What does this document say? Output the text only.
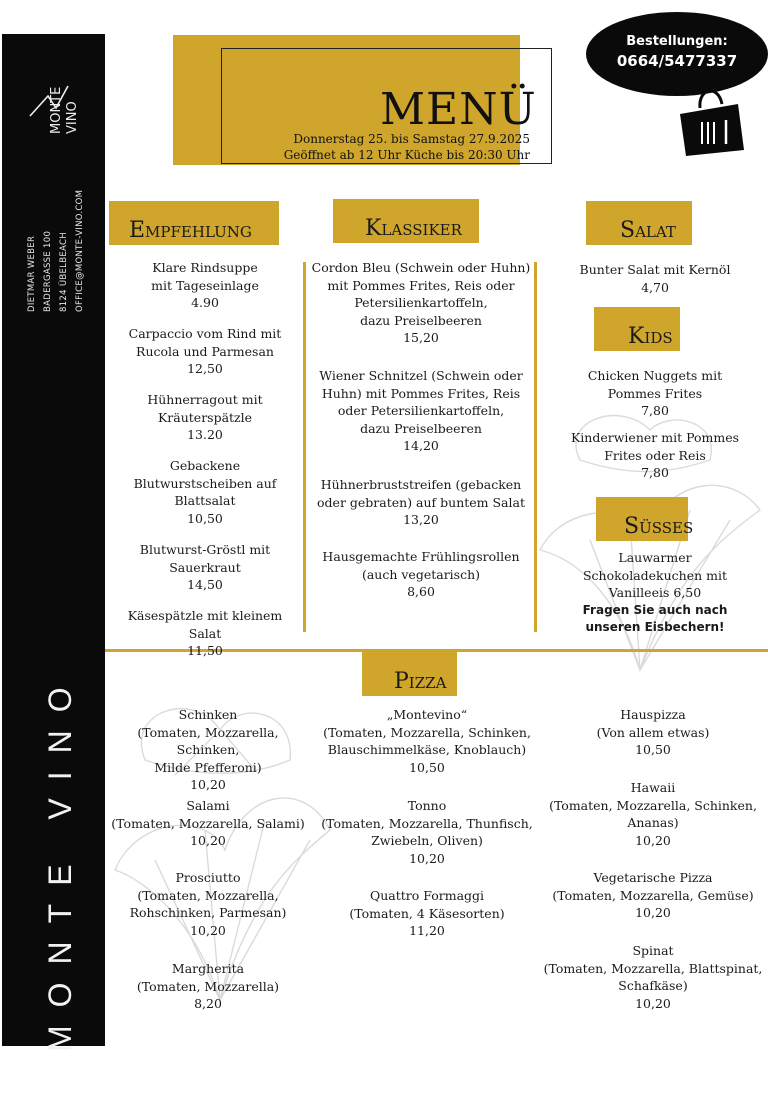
MONTE VINO
DIETMAR WEBER BADERGASSE 100 8124 ÜBELBEACH OFFICE@MONTE-VINO.COM
MONTE VINO
MENÜ
Donnerstag 25. bis Samstag 27.9.2025
Geöffnet ab 12 Uhr Küche bis 20:30 Uhr
Bestellungen:
0664/5477337
Empfehlung	Klassiker	Salat
Kids
Süßes
Pizza
Klare Rindsuppe
mit Tageseinlage
4.90
Carpaccio vom Rind mit
Rucola und Parmesan
12,50
Hühnerragout mit
Kräuterspätzle
13.20
Gebackene
Blutwurstscheiben auf
Blattsalat
10,50
Blutwurst-Gröstl mit
Sauerkraut
14,50
Käsespätzle mit kleinem Salat
11,50
Cordon Bleu (Schwein oder Huhn)
mit Pommes Frites, Reis oder
Petersilienkartoffeln,
dazu Preiselbeeren
15,20
Wiener Schnitzel (Schwein oder
Huhn) mit Pommes Frites, Reis
oder Petersilienkartoffeln,
dazu Preiselbeeren
14,20
Hühnerbruststreifen (gebacken
oder gebraten) auf buntem Salat
13,20
Hausgemachte Frühlingsrollen
(auch vegetarisch)
8,60
Bunter Salat mit Kernöl
4,70
Chicken Nuggets mit
Pommes Frites
7,80
Kinderwiener mit Pommes
Frites oder Reis
7,80
Lauwarmer
Schokoladekuchen mit
Vanilleeis 6,50
Fragen Sie auch nach
unseren Eisbechern!
Schinken
(Tomaten, Mozzarella, Schinken,
Milde Pfefferoni)
10,20
Salami
(Tomaten, Mozzarella, Salami)
10,20
Prosciutto
(Tomaten, Mozzarella,
Rohschinken, Parmesan)
10,20
Margherita
(Tomaten, Mozzarella)
8,20
„Montevino“
(Tomaten, Mozzarella, Schinken,
Blauschimmelkäse, Knoblauch)
10,50
Tonno
(Tomaten, Mozzarella, Thunfisch,
Zwiebeln, Oliven)
10,20
Quattro Formaggi
(Tomaten, 4 Käsesorten)
11,20
Hauspizza
(Von allem etwas)
10,50
Hawaii
(Tomaten, Mozzarella, Schinken,
Ananas)
10,20
Vegetarische Pizza
(Tomaten, Mozzarella, Gemüse)
10,20
Spinat
(Tomaten, Mozzarella, Blattspinat,
Schafkäse)
10,20
